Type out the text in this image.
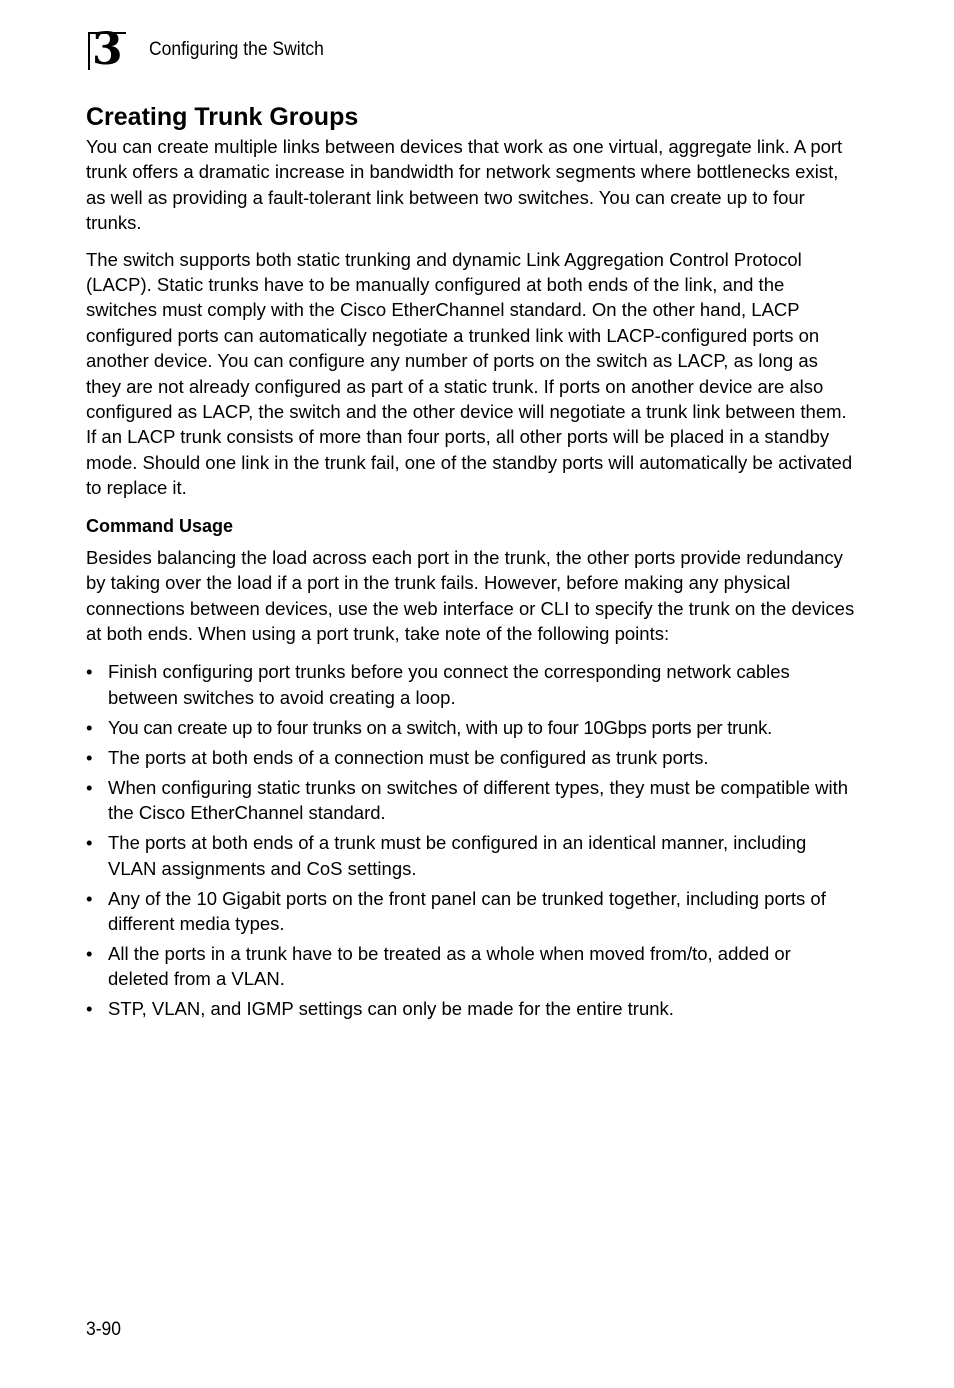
3 Configuring the Switch
Creating Trunk Groups

You can create multiple links between devices that work as one virtual, aggregate link. A port trunk offers a dramatic increase in bandwidth for network segments where bottlenecks exist, as well as providing a fault-tolerant link between two switches. You can create up to four trunks.

The switch supports both static trunking and dynamic Link Aggregation Control Protocol (LACP). Static trunks have to be manually configured at both ends of the link, and the switches must comply with the Cisco EtherChannel standard. On the other hand, LACP configured ports can automatically negotiate a trunked link with LACP-configured ports on another device. You can configure any number of ports on the switch as LACP, as long as they are not already configured as part of a static trunk. If ports on another device are also configured as LACP, the switch and the other device will negotiate a trunk link between them. If an LACP trunk consists of more than four ports, all other ports will be placed in a standby mode. Should one link in the trunk fail, one of the standby ports will automatically be activated to replace it.

Command Usage

Besides balancing the load across each port in the trunk, the other ports provide redundancy by taking over the load if a port in the trunk fails. However, before making any physical connections between devices, use the web interface or CLI to specify the trunk on the devices at both ends. When using a port trunk, take note of the following points:

• Finish configuring port trunks before you connect the corresponding network cables between switches to avoid creating a loop.
• You can create up to four trunks on a switch, with up to four 10Gbps ports per trunk.
• The ports at both ends of a connection must be configured as trunk ports.
• When configuring static trunks on switches of different types, they must be compatible with the Cisco EtherChannel standard.
• The ports at both ends of a trunk must be configured in an identical manner, including VLAN assignments and CoS settings.
• Any of the 10 Gigabit ports on the front panel can be trunked together, including ports of different media types.
• All the ports in a trunk have to be treated as a whole when moved from/to, added or deleted from a VLAN.
• STP, VLAN, and IGMP settings can only be made for the entire trunk.
3-90
